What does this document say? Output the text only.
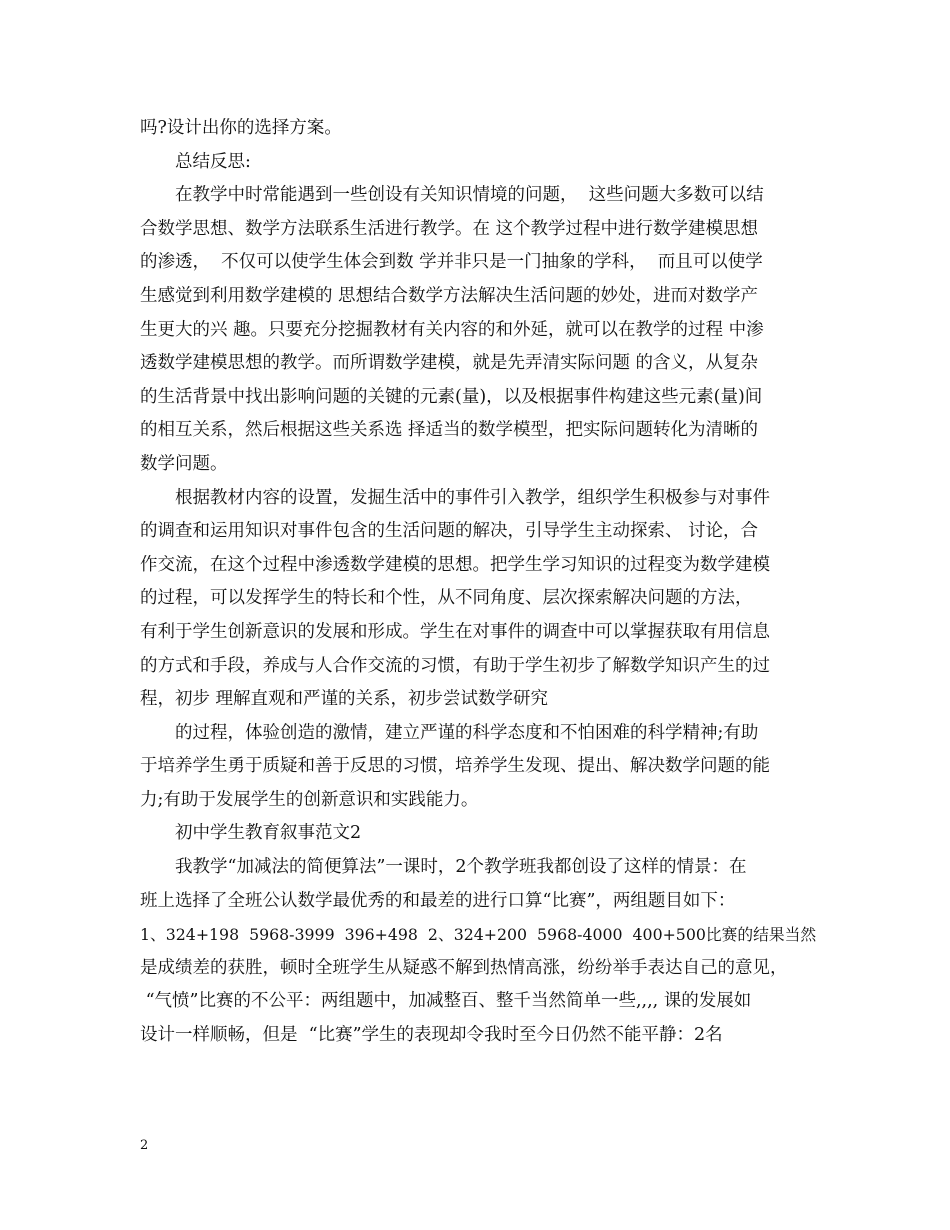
吗?设计出你的选择方案。
总结反思:
在教学中时常能遇到一些创设有关知识情境的问题，  这些问题大多数可以结
合数学思想、数学方法联系生活进行教学。在 这个教学过程中进行数学建模思想
的渗透，  不仅可以使学生体会到数 学并非只是一门抽象的学科，  而且可以使学
生感觉到利用数学建模的 思想结合数学方法解决生活问题的妙处，进而对数学产
生更大的兴 趣。只要充分挖掘教材有关内容的和外延，就可以在教学的过程 中渗
透数学建模思想的教学。而所谓数学建模，就是先弄清实际问题 的含义，从复杂
的生活背景中找出影响问题的关键的元素(量)，以及根据事件构建这些元素(量)间
的相互关系，然后根据这些关系选 择适当的数学模型，把实际问题转化为清晰的
数学问题。
根据教材内容的设置，发掘生活中的事件引入教学，组织学生积极参与对事件
的调查和运用知识对事件包含的生活问题的解决，引导学生主动探索、 讨论，合
作交流，在这个过程中渗透数学建模的思想。把学生学习知识的过程变为数学建模
的过程，可以发挥学生的特长和个性，从不同角度、层次探索解决问题的方法，
有利于学生创新意识的发展和形成。学生在对事件的调查中可以掌握获取有用信息
的方式和手段，养成与人合作交流的习惯，有助于学生初步了解数学知识产生的过
程，初步 理解直观和严谨的关系，初步尝试数学研究
的过程，体验创造的激情，建立严谨的科学态度和不怕困难的科学精神;有助
于培养学生勇于质疑和善于反思的习惯，培养学生发现、提出、解决数学问题的能
力;有助于发展学生的创新意识和实践能力。
初中学生教育叙事范文2
我教学“加减法的简便算法”一课时，2个教学班我都创设了这样的情景：在
班上选择了全班公认数学最优秀的和最差的进行口算“比赛”，两组题目如下：
1、324+198  5968-3999  396+498  2、324+200  5968-4000  400+500比赛的结果当然
是成绩差的获胜，顿时全班学生从疑惑不解到热情高涨，纷纷举手表达自己的意见，
“气愤”比赛的不公平：两组题中，加减整百、整千当然简单一些,,,, 课的发展如
设计一样顺畅，但是  “比赛”学生的表现却令我时至今日仍然不能平静：2名
2
